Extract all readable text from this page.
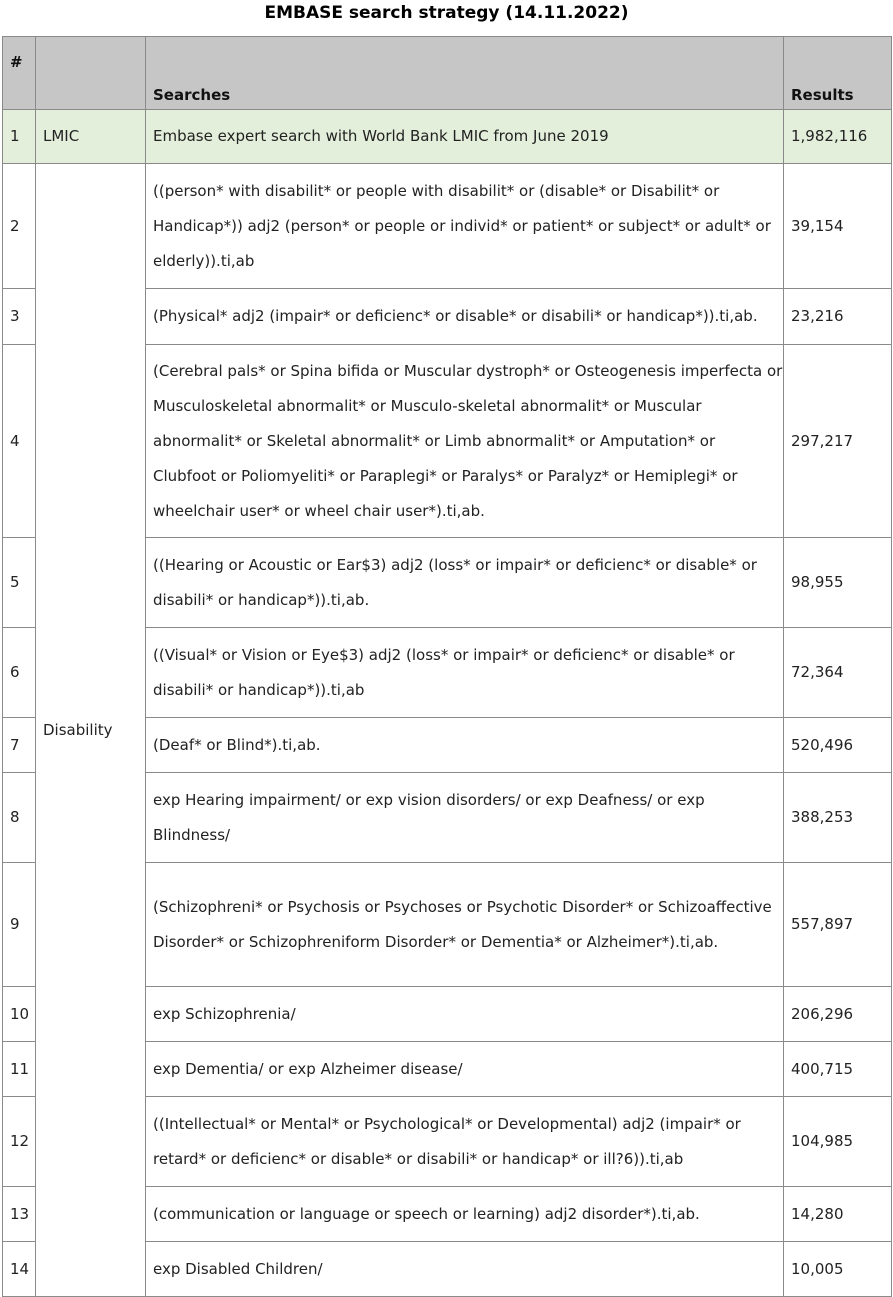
EMBASE search strategy (14.11.2022)
#		Searches	Results
1	LMIC	Embase expert search with World Bank LMIC from June 2019	1,982,116
2	Disability	((person* with disabilit* or people with disabilit* or (disable* or Disabilit* or Handicap*)) adj2 (person* or people or individ* or patient* or subject* or adult* or elderly)).ti,ab	39,154
3		(Physical* adj2 (impair* or deficienc* or disable* or disabili* or handicap*)).ti,ab.	23,216
4		(Cerebral pals* or Spina bifida or Muscular dystroph* or Osteogenesis imperfecta or Musculoskeletal abnormalit* or Musculo-skeletal abnormalit* or Muscular abnormalit* or Skeletal abnormalit* or Limb abnormalit* or Amputation* or Clubfoot or Poliomyeliti* or Paraplegi* or Paralys* or Paralyz* or Hemiplegi* or wheelchair user* or wheel chair user*).ti,ab.	297,217
5		((Hearing or Acoustic or Ear$3) adj2 (loss* or impair* or deficienc* or disable* or disabili* or handicap*)).ti,ab.	98,955
6		((Visual* or Vision or Eye$3) adj2 (loss* or impair* or deficienc* or disable* or disabili* or handicap*)).ti,ab	72,364
7		(Deaf* or Blind*).ti,ab.	520,496
8		exp Hearing impairment/ or exp vision disorders/ or exp Deafness/ or exp Blindness/	388,253
9		(Schizophreni* or Psychosis or Psychoses or Psychotic Disorder* or Schizoaffective Disorder* or Schizophreniform Disorder* or Dementia* or Alzheimer*).ti,ab.	557,897
10		exp Schizophrenia/	206,296
11		exp Dementia/ or exp Alzheimer disease/	400,715
12		((Intellectual* or Mental* or Psychological* or Developmental) adj2 (impair* or retard* or deficienc* or disable* or disabili* or handicap* or ill?6)).ti,ab	104,985
13		(communication or language or speech or learning) adj2 disorder*).ti,ab.	14,280
14		exp Disabled Children/	10,005
